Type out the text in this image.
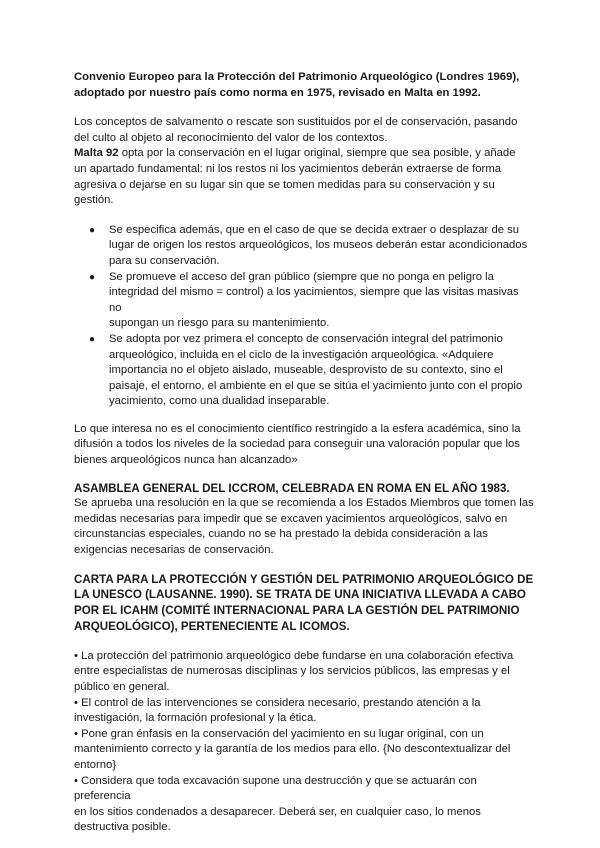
Convenio Europeo para la Protección del Patrimonio Arqueológico (Londres 1969),
adoptado por nuestro país como norma en 1975, revisado en Malta en 1992.

Los conceptos de salvamento o rescate son sustituidos por el de conservación, pasando
del culto al objeto al reconocimiento del valor de los contextos.
Malta 92 opta por la conservación en el lugar original, siempre que sea posible, y añade
un apartado fundamental: ni los restos ni los yacimientos deberán extraerse de forma
agresiva o dejarse en su lugar sin que se tomen medidas para su conservación y su gestión.

● Se especifica además, que en el caso de que se decida extraer o desplazar de su
lugar de origen los restos arqueológicos, los museos deberán estar acondicionados
para su conservación.
● Se promueve el acceso del gran público (siempre que no ponga en peligro la
integridad del mismo = control) a los yacimientos, siempre que las visitas masivas no
supongan un riesgo para su mantenimiento.
● Se adopta por vez primera el concepto de conservación integral del patrimonio
arqueológico, incluida en el ciclo de la investigación arqueológica. «Adquiere
importancia no el objeto aislado, museable, desprovisto de su contexto, sino el
paisaje, el entorno, el ambiente en el que se sitúa el yacimiento junto con el propio
yacimiento, como una dualidad inseparable.

Lo que interesa no es el conocimiento científico restringido a la esfera académica, sino la
difusión a todos los niveles de la sociedad para conseguir una valoración popular que los
bienes arqueológicos nunca han alcanzado»

ASAMBLEA GENERAL DEL ICCROM, CELEBRADA EN ROMA EN EL AÑO 1983.

Se aprueba una resolución en la que se recomienda a los Estados Miembros que tomen las
medidas necesarias para impedir que se excaven yacimientos arqueológicos, salvo en
circunstancias especiales, cuando no se ha prestado la debida consideración a las
exigencias necesarias de conservación.

CARTA PARA LA PROTECCIÓN Y GESTIÓN DEL PATRIMONIO ARQUEOLÓGICO DE
LA UNESCO (LAUSANNE. 1990). SE TRATA DE UNA INICIATIVA LLEVADA A CABO
POR EL ICAHM (COMITÉ INTERNACIONAL PARA LA GESTIÓN DEL PATRIMONIO
ARQUEOLÓGICO), PERTENECIENTE AL ICOMOS.

• La protección del patrimonio arqueológico debe fundarse en una colaboración efectiva
entre especialistas de numerosas disciplinas y los servicios públicos, las empresas y el
público en general.

• El control de las intervenciones se considera necesario, prestando atención a la
investigación, la formación profesional y la ética.

• Pone gran énfasis en la conservación del yacimiento en su lugar original, con un
mantenimiento correcto y la garantía de los medios para ello. {No descontextualizar del
entorno}

• Considera que toda excavación supone una destrucción y que se actuarán con preferencia
en los sitios condenados a desaparecer. Deberá ser, en cualquier caso, lo menos
destructiva posible.
